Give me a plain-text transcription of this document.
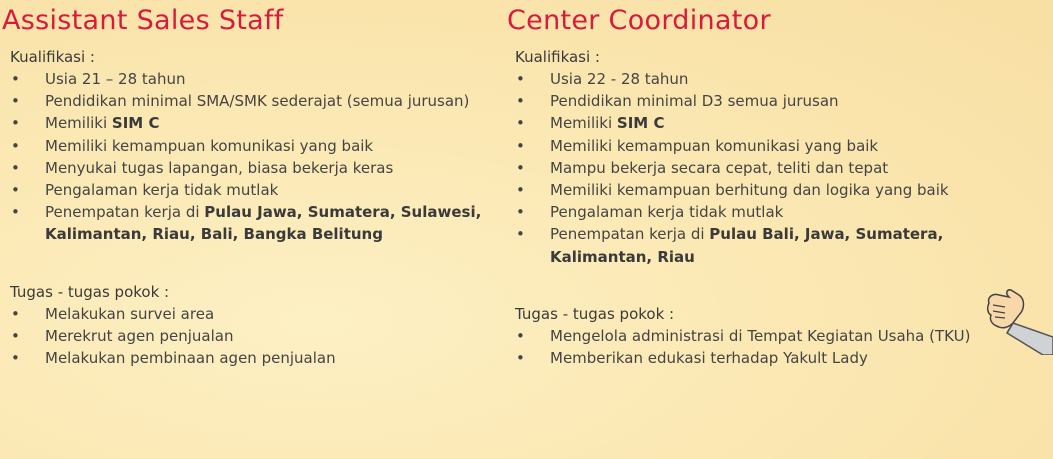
Assistant Sales Staff
Kualifikasi :
• Usia 21 – 28 tahun
• Pendidikan minimal SMA/SMK sederajat (semua jurusan)
• Memiliki SIM C
• Memiliki kemampuan komunikasi yang baik
• Menyukai tugas lapangan, biasa bekerja keras
• Pengalaman kerja tidak mutlak
• Penempatan kerja di Pulau Jawa, Sumatera, Sulawesi, Kalimantan, Riau, Bali, Bangka Belitung
Tugas - tugas pokok :
• Melakukan survei area
• Merekrut agen penjualan
• Melakukan pembinaan agen penjualan
Center Coordinator
Kualifikasi :
• Usia 22 - 28 tahun
• Pendidikan minimal D3 semua jurusan
• Memiliki SIM C
• Memiliki kemampuan komunikasi yang baik
• Mampu bekerja secara cepat, teliti dan tepat
• Memiliki kemampuan berhitung dan logika yang baik
• Pengalaman kerja tidak mutlak
• Penempatan kerja di Pulau Bali, Jawa, Sumatera, Kalimantan, Riau
Tugas - tugas pokok :
• Mengelola administrasi di Tempat Kegiatan Usaha (TKU)
• Memberikan edukasi terhadap Yakult Lady
